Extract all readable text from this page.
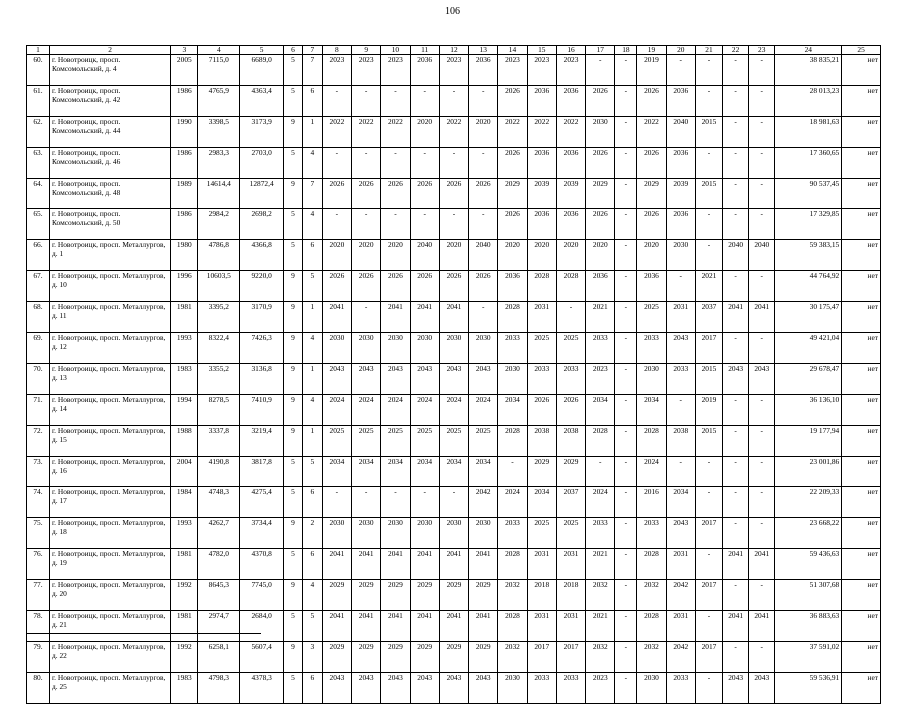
106
1	2	3	4	5	6	7	8	9	10	11	12	13	14	15	16	17	18	19	20	21	22	23	24	25
60.	г. Новотроицк, просп. Комсомольский, д. 4	2005	7115,0	6689,0	5	7	2023	2023	2023	2036	2023	2036	2023	2023	2023	-	-	2019	-	-	-	-	38 835,21	нет
61.	г. Новотроицк, просп. Комсомольский, д. 42	1986	4765,9	4363,4	5	6	-	-	-	-	-	-	2026	2036	2036	2026	-	2026	2036	-	-	-	28 013,23	нет
62.	г. Новотроицк, просп. Комсомольский, д. 44	1990	3398,5	3173,9	9	1	2022	2022	2022	2020	2022	2020	2022	2022	2022	2030	-	2022	2040	2015	-	-	18 981,63	нет
63.	г. Новотроицк, просп. Комсомольский, д. 46	1986	2983,3	2703,0	5	4	-	-	-	-	-	-	2026	2036	2036	2026	-	2026	2036	-	-	-	17 360,65	нет
64.	г. Новотроицк, просп. Комсомольский, д. 48	1989	14614,4	12872,4	9	7	2026	2026	2026	2026	2026	2026	2029	2039	2039	2029	-	2029	2039	2015	-	-	90 537,45	нет
65.	г. Новотроицк, просп. Комсомольский, д. 50	1986	2984,2	2698,2	5	4	-	-	-	-	-	-	2026	2036	2036	2026	-	2026	2036	-	-	-	17 329,85	нет
66.	г. Новотроицк, просп. Металлургов, д. 1	1980	4786,8	4366,8	5	6	2020	2020	2020	2040	2020	2040	2020	2020	2020	2020	-	2020	2030	-	2040	2040	59 383,15	нет
67.	г. Новотроицк, просп. Металлургов, д. 10	1996	10603,5	9220,0	9	5	2026	2026	2026	2026	2026	2026	2036	2028	2028	2036	-	2036	-	2021	-	-	44 764,92	нет
68.	г. Новотроицк, просп. Металлургов, д. 11	1981	3395,2	3170,9	9	1	2041	-	2041	2041	2041	-	2028	2031	-	2021	-	2025	2031	2037	2041	2041	30 175,47	нет
69.	г. Новотроицк, просп. Металлургов, д. 12	1993	8322,4	7426,3	9	4	2030	2030	2030	2030	2030	2030	2033	2025	2025	2033	-	2033	2043	2017	-	-	49 421,04	нет
70.	г. Новотроицк, просп. Металлургов, д. 13	1983	3355,2	3136,8	9	1	2043	2043	2043	2043	2043	2043	2030	2033	2033	2023	-	2030	2033	2015	2043	2043	29 678,47	нет
71.	г. Новотроицк, просп. Металлургов, д. 14	1994	8278,5	7410,9	9	4	2024	2024	2024	2024	2024	2024	2034	2026	2026	2034	-	2034	-	2019	-	-	36 136,10	нет
72.	г. Новотроицк, просп. Металлургов, д. 15	1988	3337,8	3219,4	9	1	2025	2025	2025	2025	2025	2025	2028	2038	2038	2028	-	2028	2038	2015	-	-	19 177,94	нет
73.	г. Новотроицк, просп. Металлургов, д. 16	2004	4190,8	3817,8	5	5	2034	2034	2034	2034	2034	2034	-	2029	2029	-	-	2024	-	-	-	-	23 001,86	нет
74.	г. Новотроицк, просп. Металлургов, д. 17	1984	4748,3	4275,4	5	6	-	-	-	-	-	2042	2024	2034	2037	2024	-	2016	2034	-	-	-	22 209,33	нет
75.	г. Новотроицк, просп. Металлургов, д. 18	1993	4262,7	3734,4	9	2	2030	2030	2030	2030	2030	2030	2033	2025	2025	2033	-	2033	2043	2017	-	-	23 668,22	нет
76.	г. Новотроицк, просп. Металлургов, д. 19	1981	4782,0	4370,8	5	6	2041	2041	2041	2041	2041	2041	2028	2031	2031	2021	-	2028	2031	-	2041	2041	59 436,63	нет
77.	г. Новотроицк, просп. Металлургов, д. 20	1992	8645,3	7745,0	9	4	2029	2029	2029	2029	2029	2029	2032	2018	2018	2032	-	2032	2042	2017	-	-	51 307,68	нет
78.	г. Новотроицк, просп. Металлургов, д. 21	1981	2974,7	2684,0	5	5	2041	2041	2041	2041	2041	2041	2028	2031	2031	2021	-	2028	2031	-	2041	2041	36 883,63	нет
79.	г. Новотроицк, просп. Металлургов, д. 22	1992	6258,1	5607,4	9	3	2029	2029	2029	2029	2029	2029	2032	2017	2017	2032	-	2032	2042	2017	-	-	37 591,02	нет
80.	г. Новотроицк, просп. Металлургов, д. 25	1983	4798,3	4378,3	5	6	2043	2043	2043	2043	2043	2043	2030	2033	2033	2023	-	2030	2033	-	2043	2043	59 536,91	нет
